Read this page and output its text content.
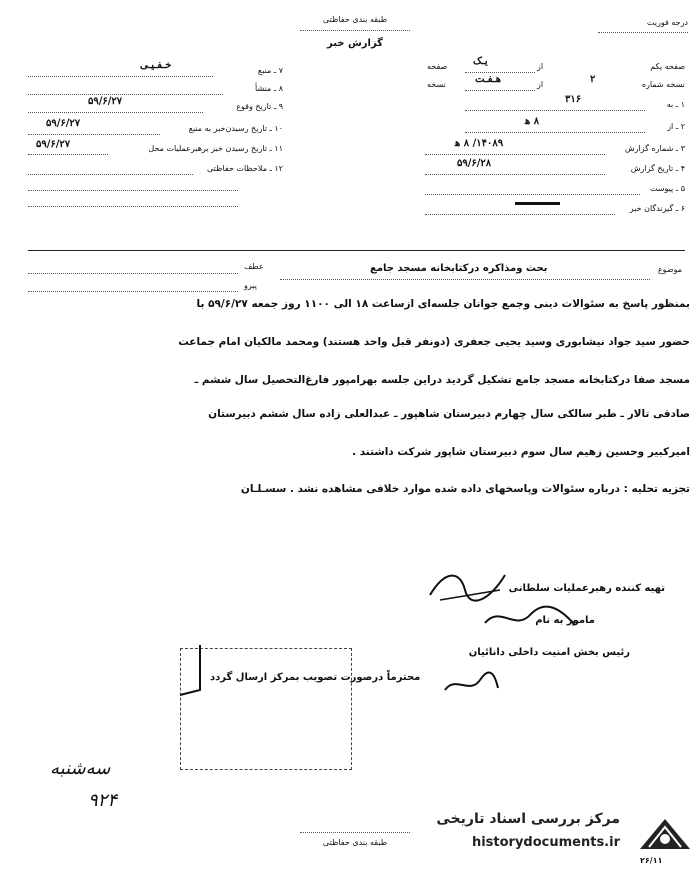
طبقه بندی حفاظتی
گزارش خبر
درجه فوریت
۷ ـ منبع
خ‍ـ‍ف‍ـ‍ی‍ـ‍ی
۸ ـ منشأ
۹ ـ تاریخ وقوع
۵۹/۶/۲۷
۱۰ ـ تاریخ رسیدن‌خبر به منبع
۵۹/۶/۲۷
۱۱ ـ تاریخ رسیدن خبر برهبرعملیات محل
۵۹/۶/۲۷
۱۲ ـ ملاحظات حفاظتی
صفحه یکم
از
ی‍ـ‍ک
صفحه
نسخه شماره
۲
از
ه‍ـ‍ف‍ـ‍ت
نسخه
۱ ـ به
۳۱۶
۲ ـ از
۸ ه‍
۳ ـ شماره گزارش
۱۴۰۸۹/ ۸ ه‍
۴ ـ تاریخ گزارش
۵۹/۶/۲۸
۵ ـ پیوست
۶ ـ گیرندگان خبر
موضوع
بحث ومذاکره درکتابخانه مسجد جامع
عطف
پیرو
بمنظور پاسخ به سئوالات دینی وجمع جوانان جلسه‌ای ازساعت ۱۸ الی ۱۱۰۰ روز جمعه ۵۹/۶/۲۷ با
حضور سید جواد نیشابوری وسید یحیی جعفری (دونفر قبل واحد هستند) ومحمد مالکیان امام جماعت
مسجد صفا درکتابخانه مسجد جامع تشکیل گردید دراین جلسه بهرامپور فارغ‌التحصیل سال ششم ـ
صادقی تالار ـ طبر سالکی سال چهارم دبیرستان شاهپور ـ عبدالعلی زاده سال ششم دبیرستان
امیرکبیر وحسین زهیم سال سوم دبیرستان شاپور شرکت داشتند .
تجزیه تحلیه : درباره سئوالات وپاسخهای داده شده موارد خلافی مشاهده نشد . سس‍ـ‍ل‍ـ‍ان
تهیه کننده رهبرعملیات سلطانی
مامور به نام
رئیس بخش امنیت داخلی دانائیان
محترماً درصورت تصویب بمرکز ارسال گردد
سه‌شنبه
۹۲۴
طبقه بندی حفاظتی
مرکز بررسی اسناد تاریخی
historydocuments.ir
۲۶/۱۱
